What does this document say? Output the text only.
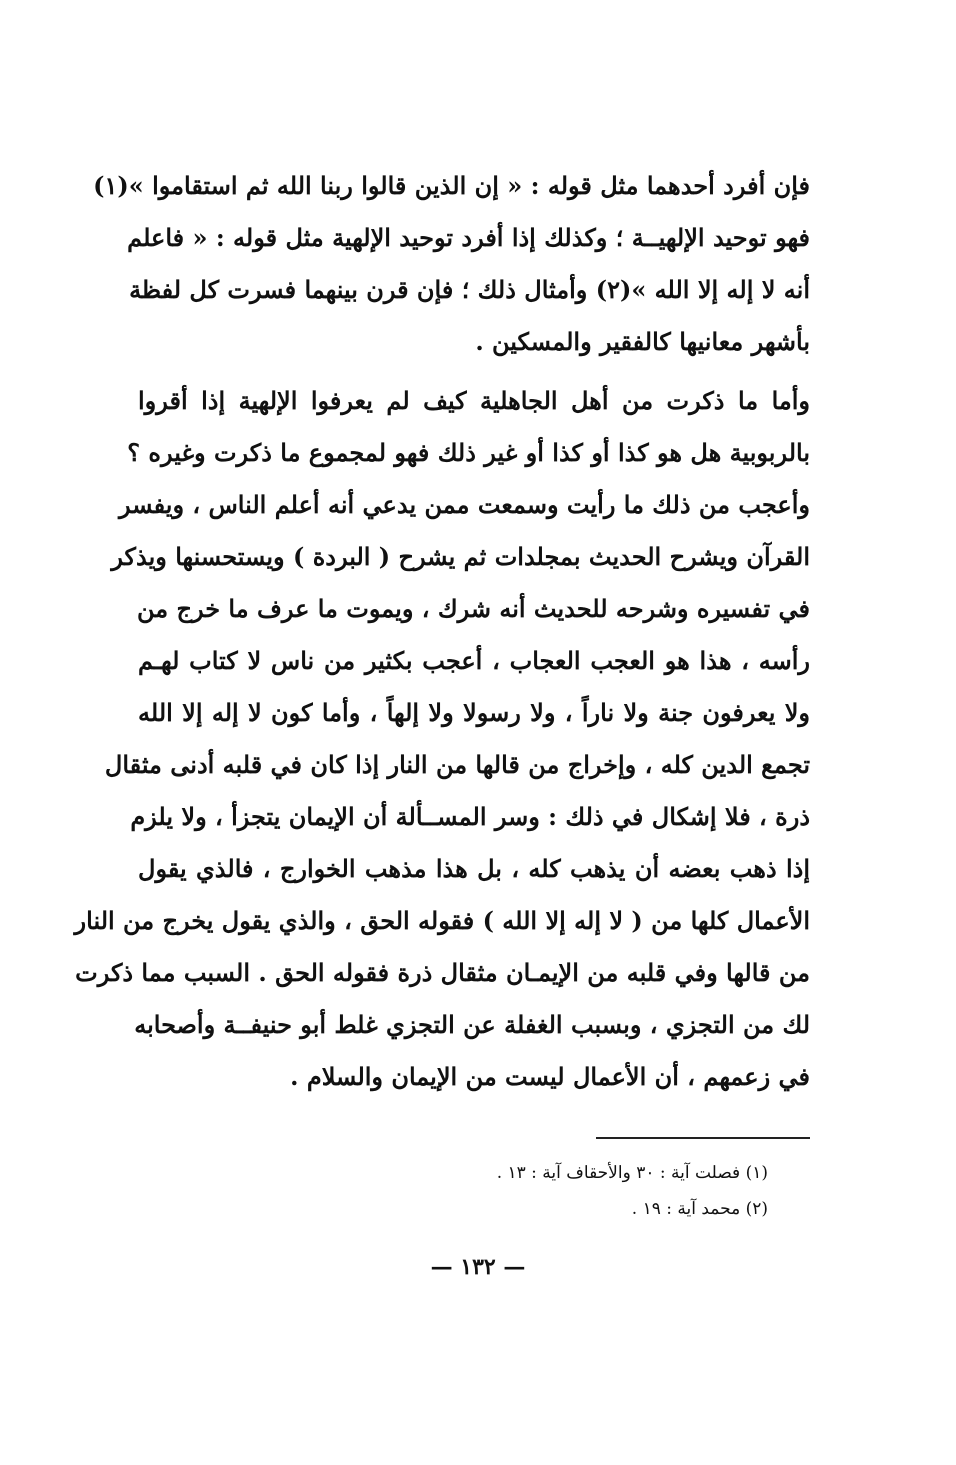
فإن أفرد أحدهما مثل قوله : « إن الذين قالوا ربنا الله ثم استقاموا »(١)
فهو توحيد الإلهيــة ؛ وكذلك إذا أفرد توحيد الإلهية مثل قوله : « فاعلم
أنه لا إله إلا الله »(٢) وأمثال ذلك ؛ فإن قرن بينهما فسرت كل لفظة
بأشهر معانيها كالفقير والمسكين .
وأما ما ذكرت من أهل الجاهلية كيف لم يعرفوا الإلهية إذا أقروا
بالربوبية هل هو كذا أو كذا أو غير ذلك فهو لمجموع ما ذكرت وغيره ؟
وأعجب من ذلك ما رأيت وسمعت ممن يدعي أنه أعلم الناس ، ويفسر
القرآن ويشرح الحديث بمجلدات ثم يشرح ( البردة ) ويستحسنها ويذكر
في تفسيره وشرحه للحديث أنه شرك ، ويموت ما عرف ما خرج من
رأسه ، هذا هو العجب العجاب ، أعجب بكثير من ناس لا كتاب لهـم
ولا يعرفون جنة ولا ناراً ، ولا رسولا ولا إلهاً ، وأما كون لا إله إلا الله
تجمع الدين كله ، وإخراج من قالها من النار إذا كان في قلبه أدنى مثقال
ذرة ، فلا إشكال في ذلك : وسر المســألة أن الإيمان يتجزأ ، ولا يلزم
إذا ذهب بعضه أن يذهب كله ، بل هذا مذهب الخوارج ، فالذي يقول
الأعمال كلها من ( لا إله إلا الله ) فقوله الحق ، والذي يقول يخرج من النار
من قالها وفي قلبه من الإيمـان مثقال ذرة فقوله الحق . السبب مما ذكرت
لك من التجزي ، وبسبب الغفلة عن التجزي غلط أبو حنيفــة وأصحابه
في زعمهم ، أن الأعمال ليست من الإيمان والسلام .
(١) فصلت آية : ٣٠ والأحقاف آية : ١٣ .
(٢) محمد آية : ١٩ .
— ١٣٢ —
